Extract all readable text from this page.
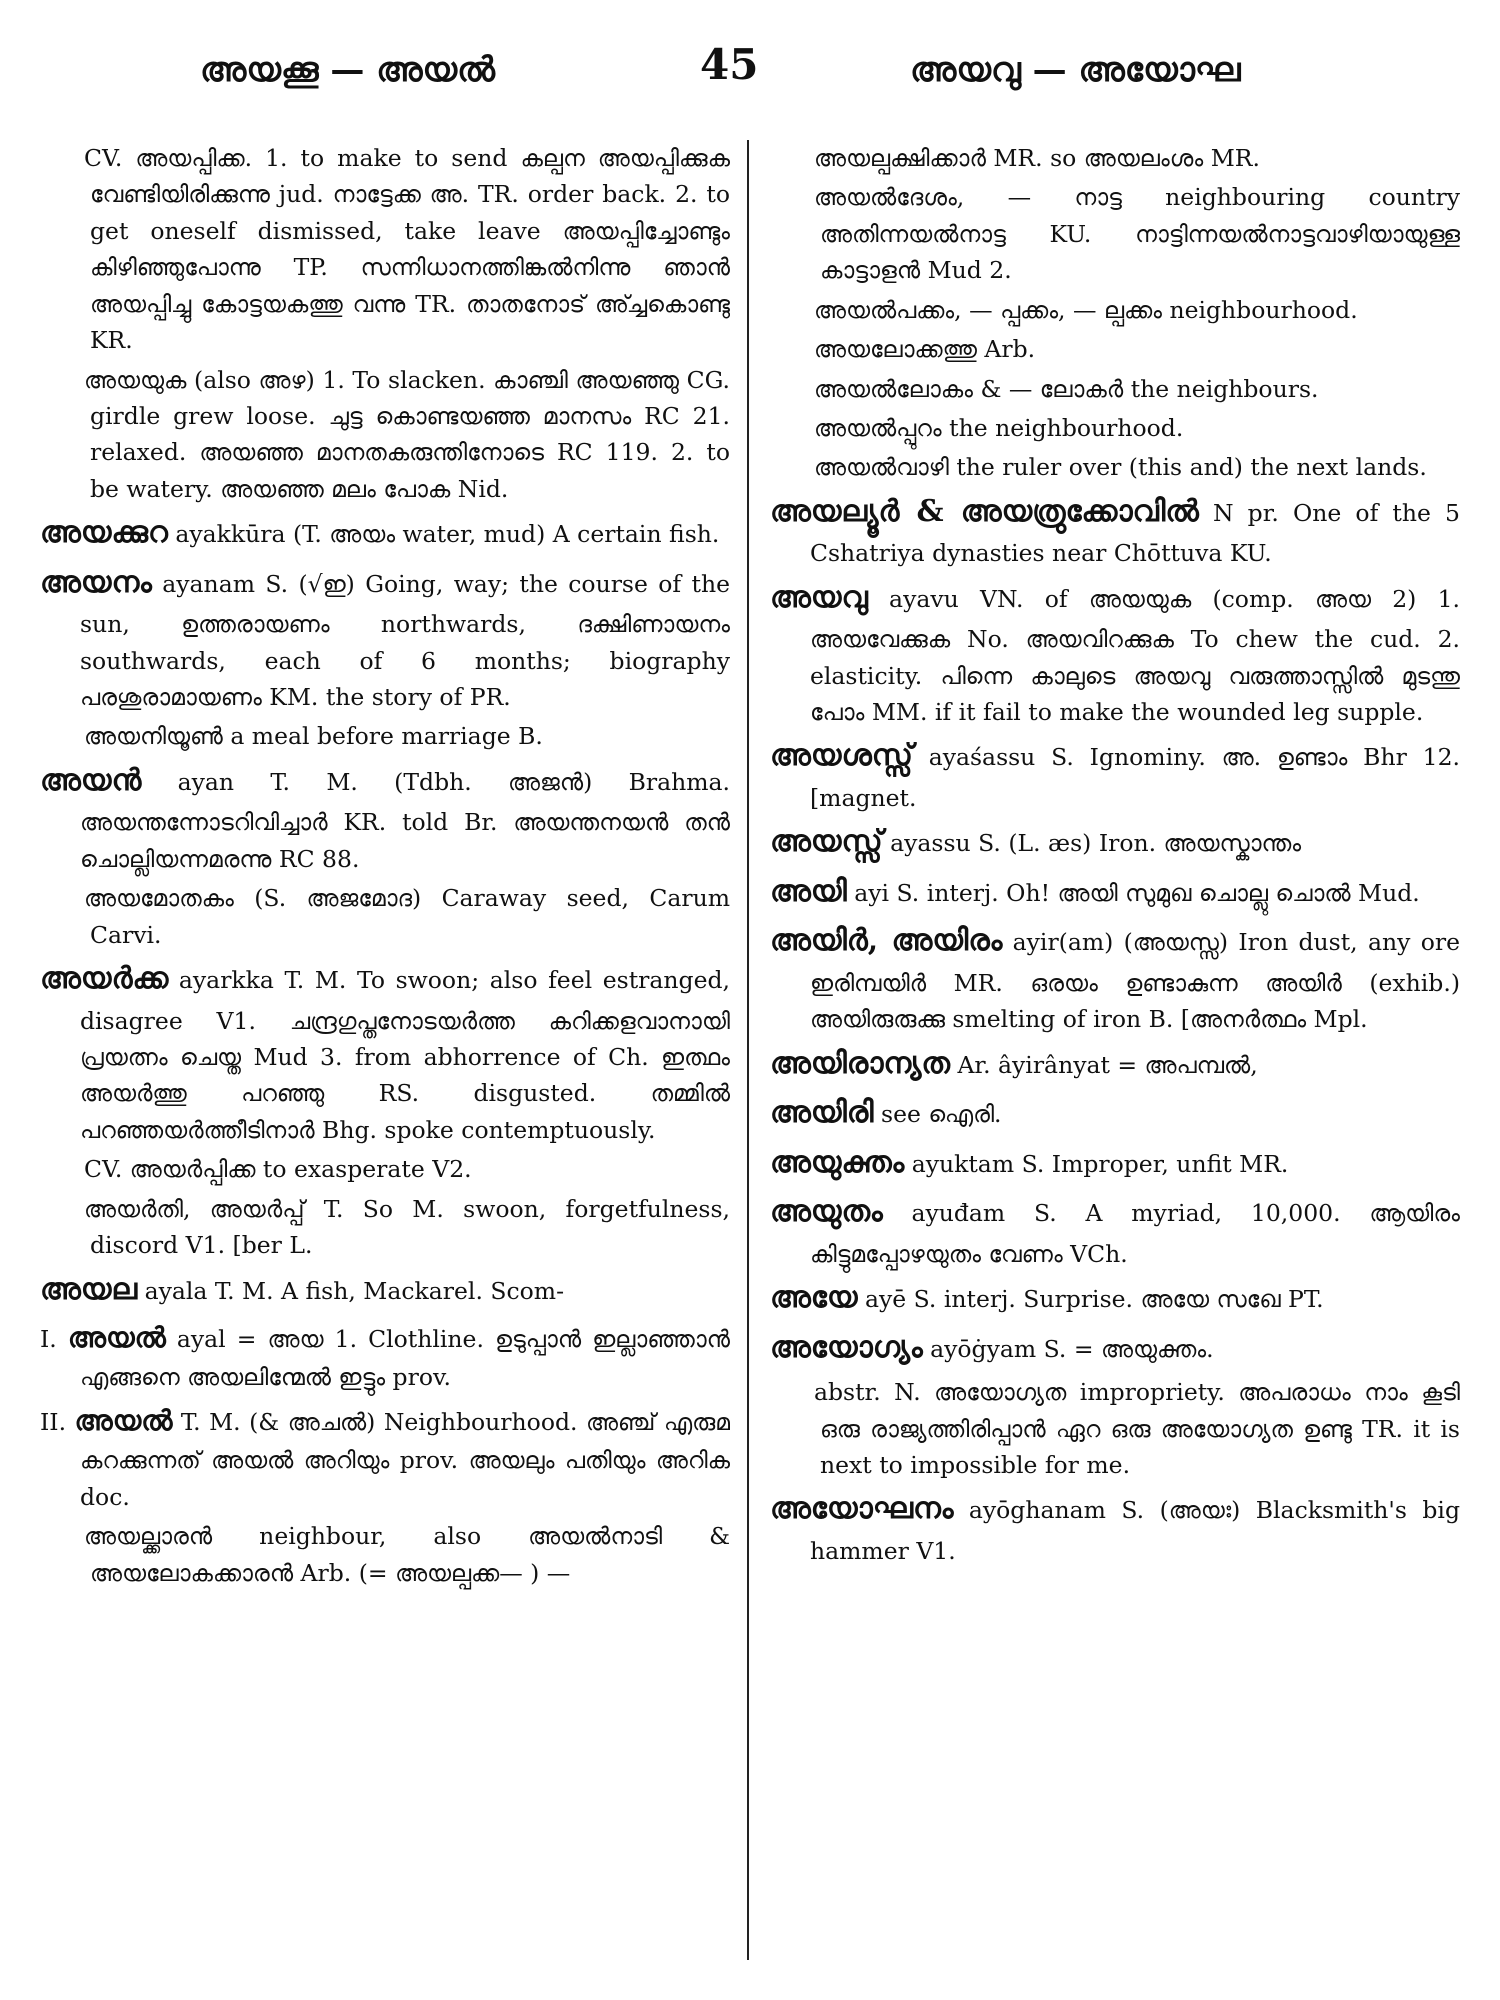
അയക്കൂ — അയൽ	45	അയവു — അയോഘ

CV. അയപ്പിക്ക. 1. to make to send കല്പന അയപ്പിക്കുക വേണ്ടിയിരിക്കുന്നു jud. നാട്ടേക്ക അ. TR. order back. 2. to get oneself dismissed, take leave അയപ്പിച്ചോണ്ടും കിഴിഞ്ഞുപോന്നു TP. സന്നിധാനത്തിങ്കൽനിന്നു ഞാൻ അയപ്പിച്ചു കോട്ടയകത്തു വന്നു TR. താതനോട് അ‍്ച്ചകൊണ്ടു KR.

അയയുക (also അഴ) 1. To slacken. കാഞ്ചി അയഞ്ഞു CG. girdle grew loose. ചുട്ട കൊണ്ടയഞ്ഞ മാനസം RC 21. relaxed. അയഞ്ഞ മാനതകരുന്തിനോടെ RC 119. 2. to be watery. അയഞ്ഞ മലം പോക Nid.

അയക്കുറ ayakkūra (T. അയം water, mud) A certain fish.

അയനം ayanam S. (√ഇ) Going, way; the course of the sun, ഉത്തരായണം northwards, ദക്ഷിണായനം southwards, each of 6 months; biography പരശുരാമായണം KM. the story of PR.

അയനിയൂൺ a meal before marriage B.

അയൻ ayan T. M. (Tdbh. അജൻ) Brahma. അയന്തന്നോടറിവിച്ചാർ KR. told Br. അയന്തനയൻ തൻ ചൊല്ലിയന്നമരന്നു RC 88.

അയമോതകം (S. അജമോദ) Caraway seed, Carum Carvi.

അയർക്ക ayarkka T. M. To swoon; also feel estranged, disagree V1. ചന്ദ്രഗുപ്തനോടയർത്ത കറിക്കളവാനായി പ്രയത്നം ചെയ്ത Mud 3. from abhorrence of Ch. ഇത്ഥം അയർത്തു പറഞ്ഞു RS. disgusted. തമ്മിൽ പറഞ്ഞയർത്തീടിനാർ Bhg. spoke contemptuously.

CV. അയർപ്പിക്ക to exasperate V2.

അയർതി, അയർപ്പ് T. So M. swoon, forgetfulness, discord V1. [ber L.

അയല ayala T. M. A fish, Mackarel. Scom-

I. അയൽ ayal = അയ 1. Clothline. ഉടുപ്പാൻ ഇല്ലാഞ്ഞാൻ എങ്ങനെ അയലിന്മേൽ ഇട്ടും prov.

II. അയൽ T. M. (& അചൽ) Neighbourhood. അഞ്ച് എരുമ കറക്കുന്നത് അയൽ അറിയും prov. അയലും പതിയും അറിക doc.

അയല്ക്കാരൻ neighbour, also അയൽനാടി & അയലോകക്കാരൻ Arb. (= അയല്പക്ക— ) —

അയല്പക്ഷിക്കാർ MR. so അയലംശം MR.

അയൽദേശം, — നാട്ട neighbouring country അതിന്നയൽനാട്ട KU. നാട്ടിന്നയൽനാട്ടവാഴിയായുള്ള കാട്ടാളൻ Mud 2.

അയൽപക്കം, — പ്പക്കം, — ല്പക്കം neighbourhood.

അയലോക്കത്തു Arb.

അയൽലോകം & — ലോകർ the neighbours.

അയൽപ്പുറം the neighbourhood.

അയൽവാഴി the ruler over (this and) the next lands.

അയല്യൂർ & അയത്രുക്കോവിൽ N pr. One of the 5 Cshatriya dynasties near Chōttuva KU.

അയവു ayavu VN. of അയയുക (comp. അയ 2) 1. അയവേക്കുക No. അയവിറക്കുക To chew the cud. 2. elasticity. പിന്നെ കാലുടെ അയവു വരുത്താസ്സിൽ മുടന്തു പോം MM. if it fail to make the wounded leg supple.

അയശസ്സ് ayaśassu S. Ignominy. അ. ഉണ്ടാം Bhr 12. [magnet.

അയസ്സ് ayassu S. (L. æs) Iron. അയസ്കാന്തം

അയി ayi S. interj. Oh! അയി സുമുഖ ചൊല്ലു ചൊൽ Mud.

അയിർ, അയിരം ayir(am) (അയസ്സ) Iron dust, any ore ഇരിമ്പയിർ MR. ഒരയം ഉണ്ടാകുന്ന അയിർ (exhib.) അയിരുരുക്കു smelting of iron B. [അനർത്ഥം Mpl.

അയിരാന്യത Ar. âyirânyat = അപമ്പൽ,

അയിരി see ഐരി.

അയുക്തം ayuktam S. Improper, unfit MR.

അയുതം ayuđam S. A myriad, 10,000. ആയിരം കിട്ടുമപ്പോഴയുതം വേണം VCh.

അയേ ayē S. interj. Surprise. അയേ സഖേ PT.

അയോഗ്യം ayōġyam S. = അയുക്തം.

abstr. N. അയോഗ്യത impropriety. അപരാധം നാം കൂടി ഒരു രാജ്യത്തിരിപ്പാൻ ഏറ ഒരു അയോഗ്യത ഉണ്ടു TR. it is next to impossible for me.

അയോഘനം ayōghanam S. (അയഃ) Blacksmith's big hammer V1.
